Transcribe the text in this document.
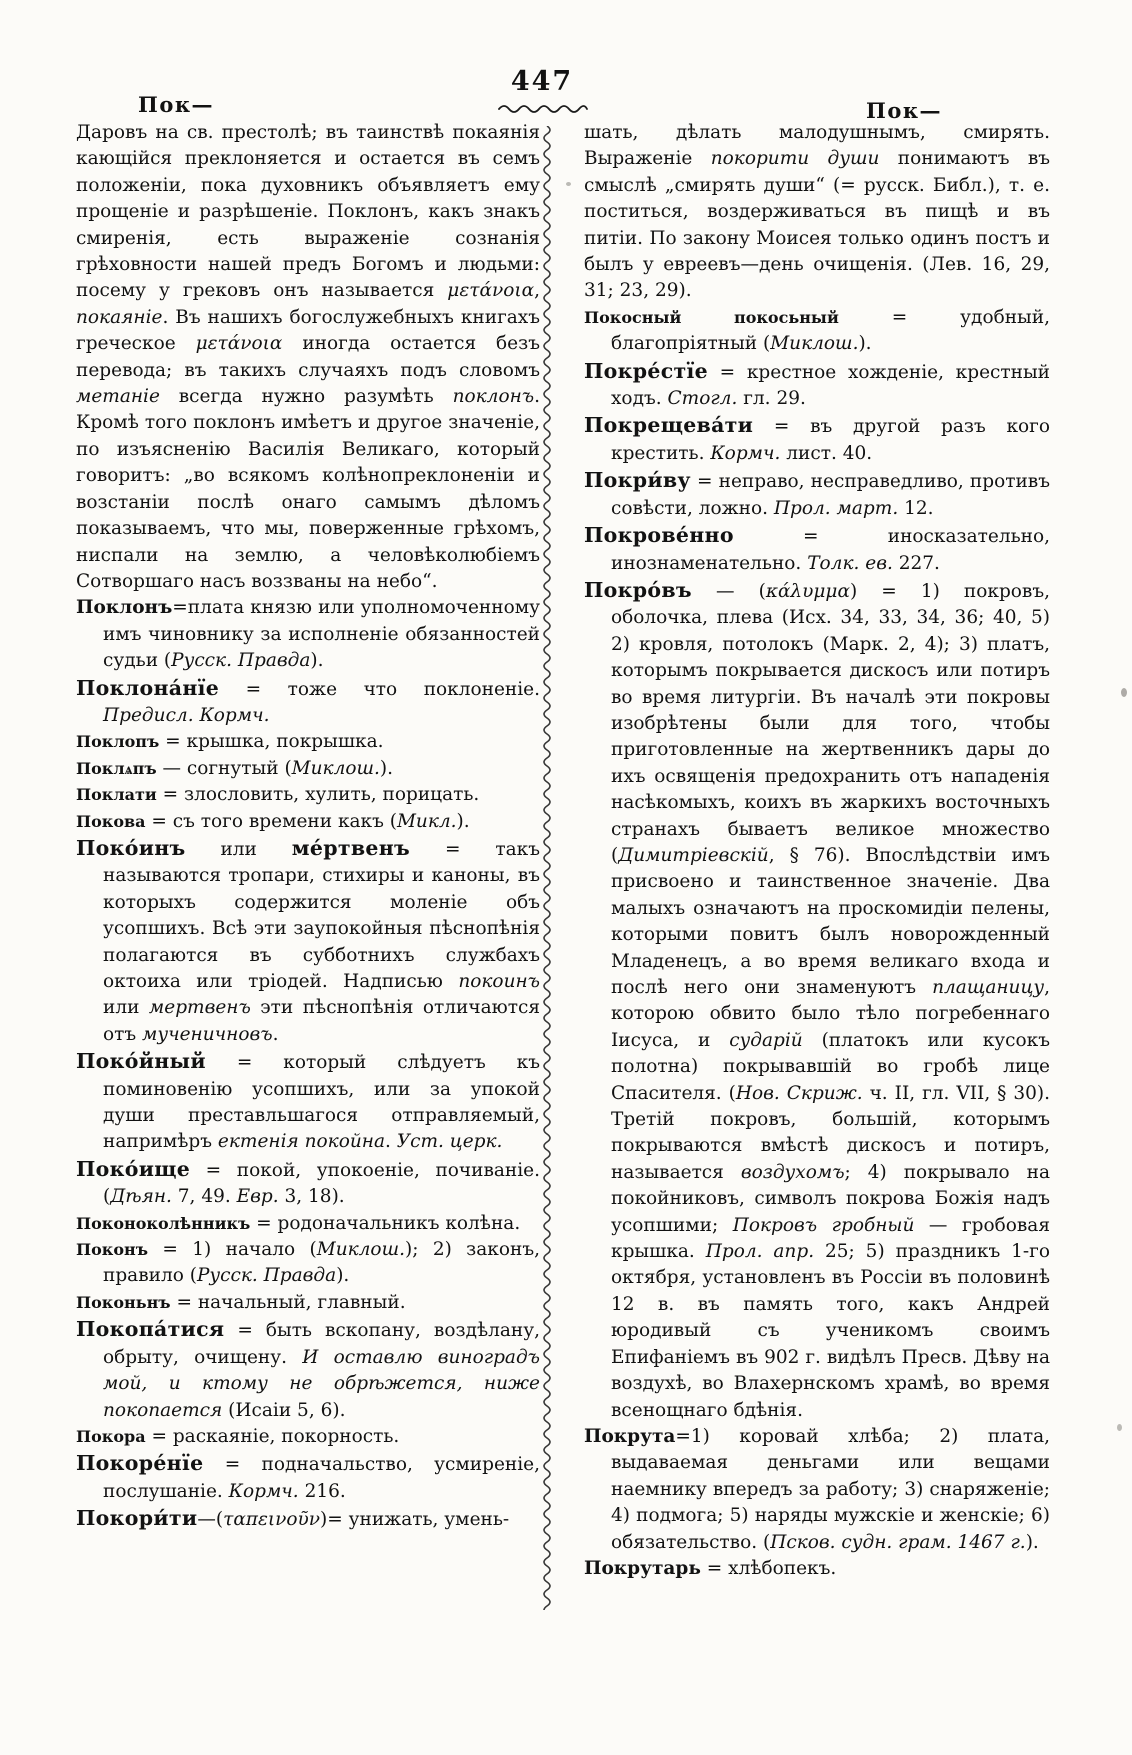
Пок—
447
Пок—

Даровъ на св. престолѣ; въ таинствѣ покаянія кающійся преклоняется и остается въ семъ положеніи, пока духовникъ объявляетъ ему прощеніе и разрѣшеніе. Поклонъ, какъ знакъ смиренія, есть выраженіе сознанія грѣховности нашей предъ Богомъ и людьми: посему у грековъ онъ называется μετάνοια, покаяніе. Въ нашихъ богослужебныхъ книгахъ греческое μετάνοια иногда остается безъ перевода; въ такихъ случаяхъ подъ словомъ метаніе всегда нужно разумѣть поклонъ. Кромѣ того поклонъ имѣетъ и другое значеніе, по изъясненію Василія Великаго, который говоритъ: „во всякомъ колѣнопреклоненіи и возстаніи послѣ онаго самымъ дѣломъ показываемъ, что мы, поверженные грѣхомъ, ниспали на землю, а человѣколюбіемъ Сотворшаго насъ воззваны на небо“.

Поклонъ=плата князю или уполномоченному имъ чиновнику за исполненіе обязанностей судьи (Русск. Правда).

Поклона́нїе = тоже что поклоненіе. Предисл. Кормч.

Поклопъ = крышка, покрышка.

Поклѧпъ — согнутый (Миклош.).

Поклати = злословить, хулить, порицать.

Покова = съ того времени какъ (Микл.).

Поко́инъ или ме́ртвенъ = такъ называются тропари, стихиры и каноны, въ которыхъ содержится моленіе объ усопшихъ. Всѣ эти заупокойныя пѣснопѣнія полагаются въ субботнихъ службахъ октоиха или тріодей. Надписью покоинъ или мертвенъ эти пѣснопѣнія отличаются отъ мученичновъ.

Поко́йный = который слѣдуетъ къ поминовенію усопшихъ, или за упокой души преставльшагося отправляемый, напримѣръ ектенія покойна. Уст. церк.

Поко́ище = покой, упокоеніе, почиваніе. (Дѣян. 7, 49. Евр. 3, 18).

Поконоколѣнникъ = родоначальникъ колѣна.

Поконъ = 1) начало (Миклош.); 2) законъ, правило (Русск. Правда).

Поконьнъ = начальный, главный.

Покопа́тися = быть вскопану, воздѣлану, обрыту, очищену. И оставлю виноградъ мой, и ктому не обрѣжется, ниже покопается (Исаіи 5, 6).

Покора = раскаяніе, покорность.

Покоре́нїе = подначальство, усмиреніе, послушаніе. Кормч. 216.

Покори́ти—(ταπεινοῦν)= унижать, умень-

шать, дѣлать малодушнымъ, смирять. Выраженіе покорити души понимаютъ въ смыслѣ „смирять души“ (= русск. Библ.), т. е. поститься, воздерживаться въ пищѣ и въ питіи. По закону Моисея только одинъ постъ и былъ у евреевъ—день очищенія. (Лев. 16, 29, 31; 23, 29).

Покосный покосьный = удобный, благопріятный (Миклош.).

Покре́стїе = крестное хожденіе, крестный ходъ. Стогл. гл. 29.

Покрещева́ти = въ другой разъ кого крестить. Кормч. лист. 40.

Покри́ву = неправо, несправедливо, противъ совѣсти, ложно. Прол. март. 12.

Покрове́нно = иносказательно, инознаменательно. Толк. ев. 227.

Покро́въ — (κάλυμμα) = 1) покровъ, оболочка, плева (Исх. 34, 33, 34, 36; 40, 5) 2) кровля, потолокъ (Марк. 2, 4); 3) платъ, которымъ покрывается дискосъ или потиръ во время литургіи. Въ началѣ эти покровы изобрѣтены были для того, чтобы приготовленные на жертвенникъ дары до ихъ освященія предохранить отъ нападенія насѣкомыхъ, коихъ въ жаркихъ восточныхъ странахъ бываетъ великое множество (Димитріевскій, § 76). Впослѣдствіи имъ присвоено и таинственное значеніе. Два малыхъ означаютъ на проскомидіи пелены, которыми повитъ былъ новорожденный Младенецъ, а во время великаго входа и послѣ него они знаменуютъ плащаницу, которою обвито было тѣло погребеннаго Іисуса, и сударій (платокъ или кусокъ полотна) покрывавшій во гробѣ лице Спасителя. (Нов. Скриж. ч. II, гл. VII, § 30). Третій покровъ, большій, которымъ покрываются вмѣстѣ дискосъ и потиръ, называется воздухомъ; 4) покрывало на покойниковъ, символъ покрова Божія надъ усопшими; Покровъ гробный — гробовая крышка. Прол. апр. 25; 5) праздникъ 1-го октября, установленъ въ Россіи въ половинѣ 12 в. въ память того, какъ Андрей юродивый съ ученикомъ своимъ Епифаніемъ въ 902 г. видѣлъ Пресв. Дѣву на воздухѣ, во Влахернскомъ храмѣ, во время всенощнаго бдѣнія.

Покрута=1) коровай хлѣба; 2) плата, выдаваемая деньгами или вещами наемнику впередъ за работу; 3) снаряженіе; 4) подмога; 5) наряды мужскіе и женскіе; 6) обязательство. (Псков. судн. грам. 1467 г.).

Покрутарь = хлѣбопекъ.
